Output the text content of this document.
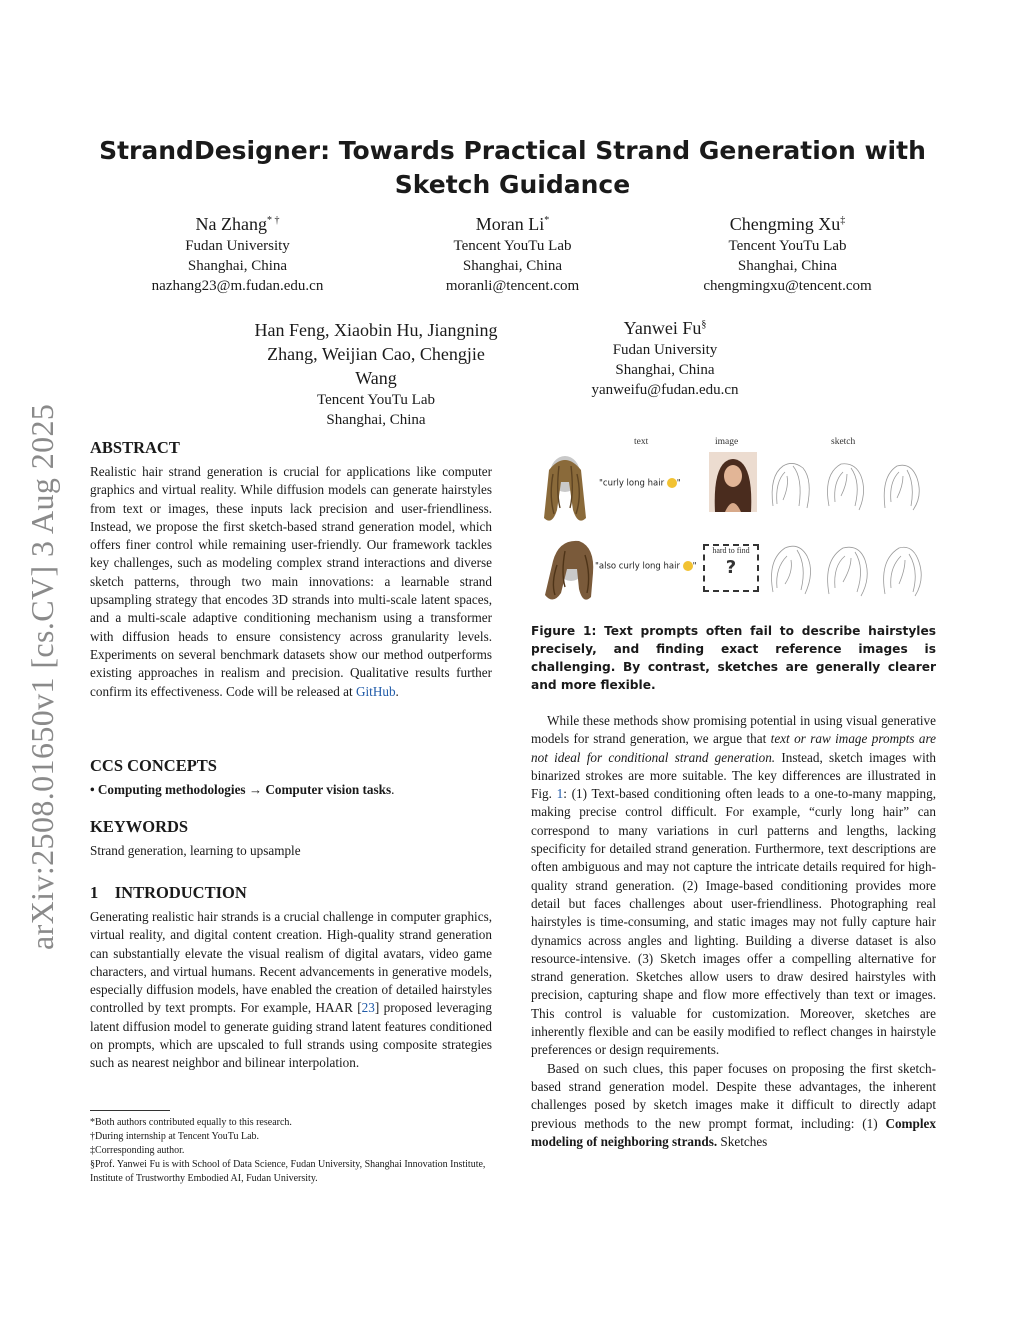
arXiv:2508.01650v1 [cs.CV] 3 Aug 2025
StrandDesigner: Towards Practical Strand Generation with Sketch Guidance
Na Zhang* †
Fudan University
Shanghai, China
nazhang23@m.fudan.edu.cn
Moran Li*
Tencent YouTu Lab
Shanghai, China
moranli@tencent.com
Chengming Xu‡
Tencent YouTu Lab
Shanghai, China
chengmingxu@tencent.com
Han Feng, Xiaobin Hu, Jiangning Zhang, Weijian Cao, Chengjie Wang
Tencent YouTu Lab
Shanghai, China
Yanwei Fu§
Fudan University
Shanghai, China
yanweifu@fudan.edu.cn
ABSTRACT
Realistic hair strand generation is crucial for applications like computer graphics and virtual reality. While diffusion models can generate hairstyles from text or images, these inputs lack precision and user-friendliness. Instead, we propose the first sketch-based strand generation model, which offers finer control while remaining user-friendly. Our framework tackles key challenges, such as modeling complex strand interactions and diverse sketch patterns, through two main innovations: a learnable strand upsampling strategy that encodes 3D strands into multi-scale latent spaces, and a multi-scale adaptive conditioning mechanism using a transformer with diffusion heads to ensure consistency across granularity levels. Experiments on several benchmark datasets show our method outperforms existing approaches in realism and precision. Qualitative results further confirm its effectiveness. Code will be released at GitHub.
CCS CONCEPTS
• Computing methodologies → Computer vision tasks.
KEYWORDS
Strand generation, learning to upsample
1 INTRODUCTION
Generating realistic hair strands is a crucial challenge in computer graphics, virtual reality, and digital content creation. High-quality strand generation can substantially elevate the visual realism of digital avatars, video game characters, and virtual humans. Recent advancements in generative models, especially diffusion models, have enabled the creation of detailed hairstyles controlled by text prompts. For example, HAAR [23] proposed leveraging latent diffusion model to generate guiding strand latent features conditioned on prompts, which are upscaled to full strands using composite strategies such as nearest neighbor and bilinear interpolation.
*Both authors contributed equally to this research.
†During internship at Tencent YouTu Lab.
‡Corresponding author.
§Prof. Yanwei Fu is with School of Data Science, Fudan University, Shanghai Innovation Institute, Institute of Trustworthy Embodied AI, Fudan University.
text	image	sketch
"curly long hair "
"also curly long hair "
hard to find
?
Figure 1: Text prompts often fail to describe hairstyles precisely, and finding exact reference images is challenging. By contrast, sketches are generally clearer and more flexible.

While these methods show promising potential in using visual generative models for strand generation, we argue that text or raw image prompts are not ideal for conditional strand generation. Instead, sketch images with binarized strokes are more suitable. The key differences are illustrated in Fig. 1: (1) Text-based conditioning often leads to a one-to-many mapping, making precise control difficult. For example, “curly long hair” can correspond to many variations in curl patterns and lengths, lacking specificity for detailed strand generation. Furthermore, text descriptions are often ambiguous and may not capture the intricate details required for high-quality strand generation. (2) Image-based conditioning provides more detail but faces challenges about user-friendliness. Photographing real hairstyles is time-consuming, and static images may not fully capture hair dynamics across angles and lighting. Building a diverse dataset is also resource-intensive. (3) Sketch images offer a compelling alternative for strand generation. Sketches allow users to draw desired hairstyles with precision, capturing shape and flow more effectively than text or images. This control is valuable for customization. Moreover, sketches are inherently flexible and can be easily modified to reflect changes in hairstyle preferences or design requirements.

Based on such clues, this paper focuses on proposing the first sketch-based strand generation model. Despite these advantages, the inherent challenges posed by sketch images make it difficult to directly adapt previous methods to the new prompt format, including: (1) Complex modeling of neighboring strands. Sketches
